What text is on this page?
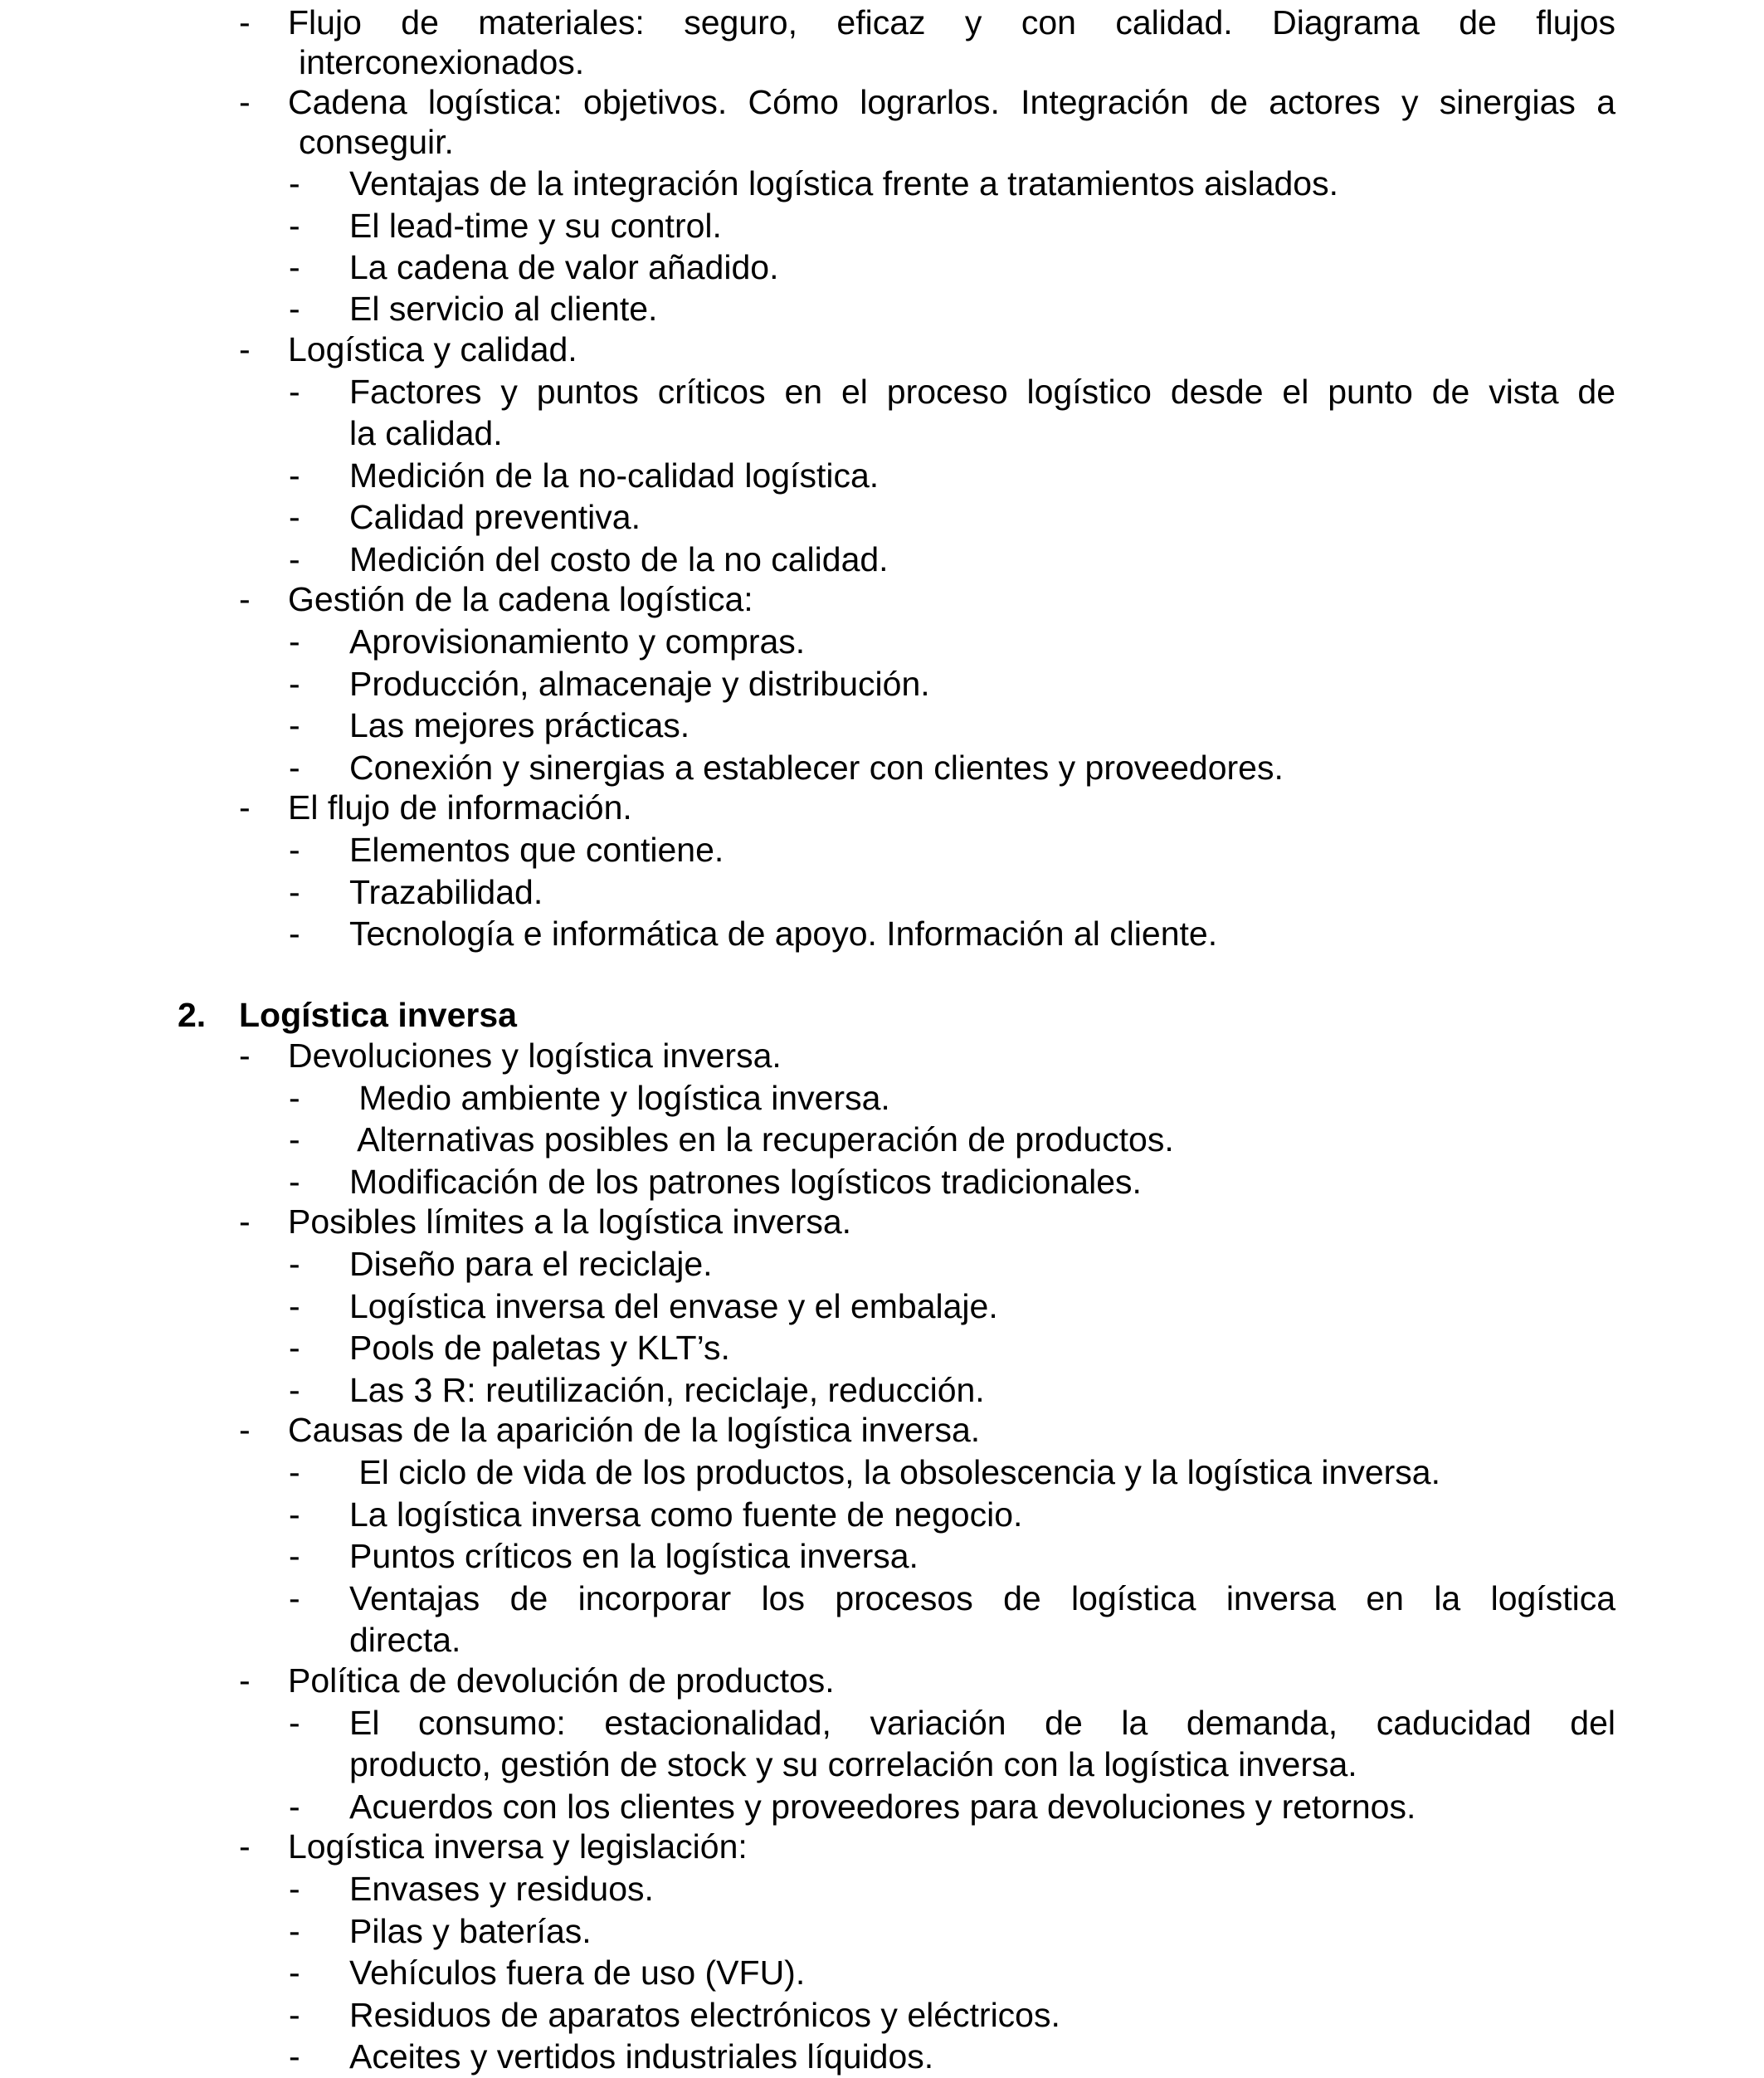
- Flujo de materiales: seguro, eficaz y con calidad. Diagrama de flujos
interconexionados.
- Cadena logística: objetivos. Cómo lograrlos. Integración de actores y sinergias a
conseguir.
- Ventajas de la integración logística frente a tratamientos aislados.
- El lead-time y su control.
- La cadena de valor añadido.
- El servicio al cliente.
- Logística y calidad.
- Factores y puntos críticos en el proceso logístico desde el punto de vista de
la calidad.
- Medición de la no-calidad logística.
- Calidad preventiva.
- Medición del costo de la no calidad.
- Gestión de la cadena logística:
- Aprovisionamiento y compras.
- Producción, almacenaje y distribución.
- Las mejores prácticas.
- Conexión y sinergias a establecer con clientes y proveedores.
- El flujo de información.
- Elementos que contiene.
- Trazabilidad.
- Tecnología e informática de apoyo. Información al cliente.
2. Logística inversa
- Devoluciones y logística inversa.
- Medio ambiente y logística inversa.
- Alternativas posibles en la recuperación de productos.
- Modificación de los patrones logísticos tradicionales.
- Posibles límites a la logística inversa.
- Diseño para el reciclaje.
- Logística inversa del envase y el embalaje.
- Pools de paletas y KLT’s.
- Las 3 R: reutilización, reciclaje, reducción.
- Causas de la aparición de la logística inversa.
- El ciclo de vida de los productos, la obsolescencia y la logística inversa.
- La logística inversa como fuente de negocio.
- Puntos críticos en la logística inversa.
- Ventajas de incorporar los procesos de logística inversa en la logística
directa.
- Política de devolución de productos.
- El consumo: estacionalidad, variación de la demanda, caducidad del
producto, gestión de stock y su correlación con la logística inversa.
- Acuerdos con los clientes y proveedores para devoluciones y retornos.
- Logística inversa y legislación:
- Envases y residuos.
- Pilas y baterías.
- Vehículos fuera de uso (VFU).
- Residuos de aparatos electrónicos y eléctricos.
- Aceites y vertidos industriales líquidos.
